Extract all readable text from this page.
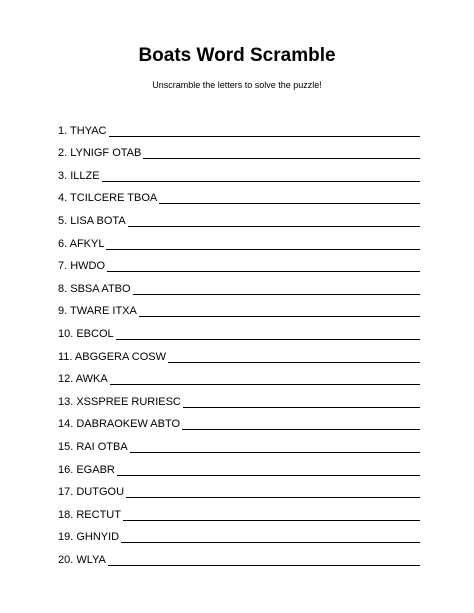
Boats Word Scramble

Unscramble the letters to solve the puzzle!

1. THYAC
2. LYNIGF OTAB
3. ILLZE
4. TCILCERE TBOA
5. LISA BOTA
6. AFKYL
7. HWDO
8. SBSA ATBO
9. TWARE ITXA
10. EBCOL
11. ABGGERA COSW
12. AWKA
13. XSSPREE RURIESC
14. DABRAOKEW ABTO
15. RAI OTBA
16. EGABR
17. DUTGOU
18. RECTUT
19. GHNYID
20. WLYA
